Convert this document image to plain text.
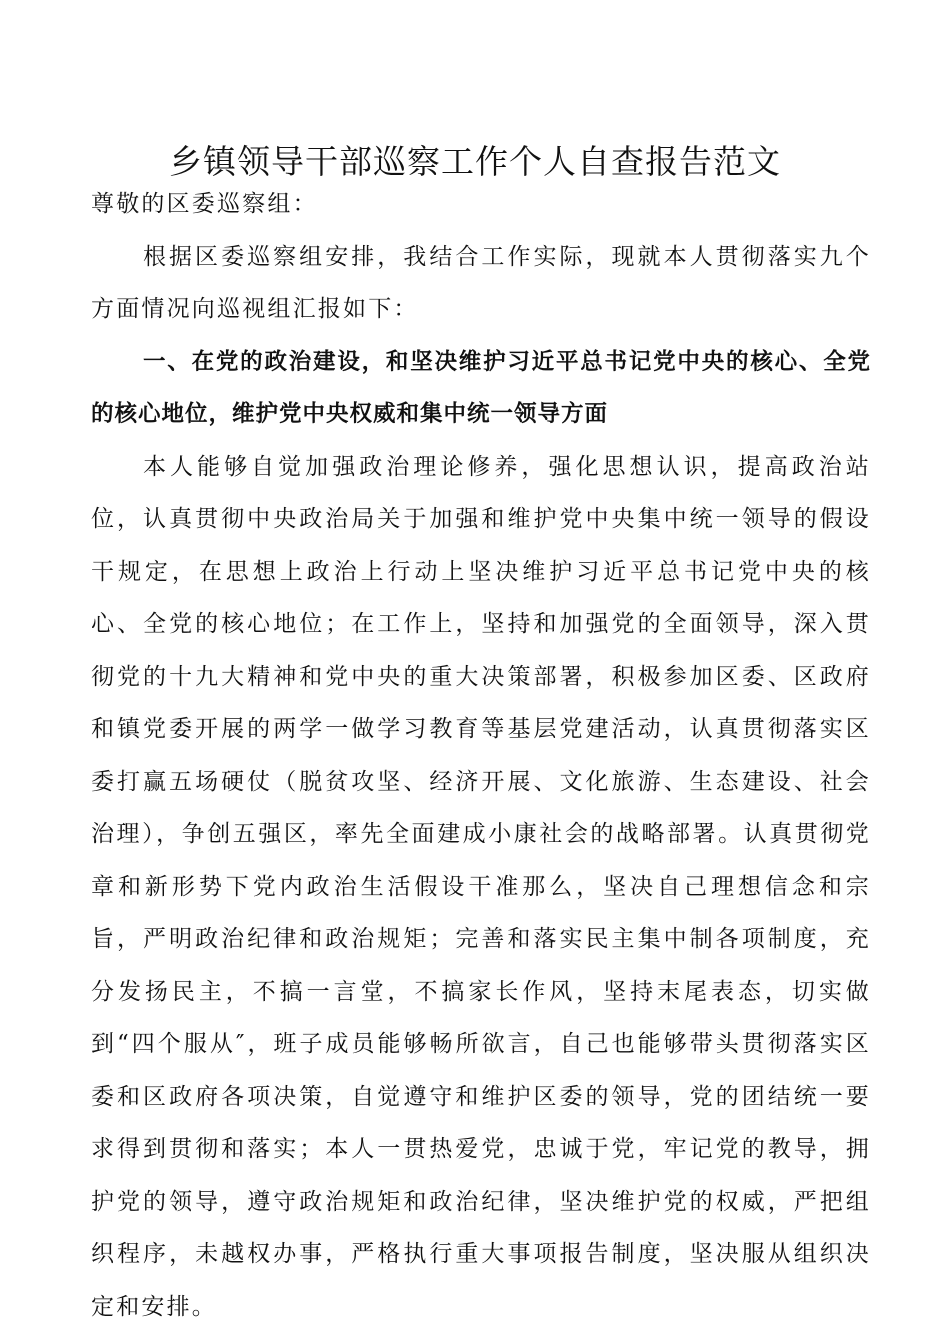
乡镇领导干部巡察工作个人自查报告范文

尊敬的区委巡察组：

根据区委巡察组安排，我结合工作实际，现就本人贯彻落实九个方面情况向巡视组汇报如下：

一、在党的政治建设，和坚决维护习近平总书记党中央的核心、全党的核心地位，维护党中央权威和集中统一领导方面

本人能够自觉加强政治理论修养，强化思想认识，提高政治站位，认真贯彻中央政治局关于加强和维护党中央集中统一领导的假设干规定，在思想上政治上行动上坚决维护习近平总书记党中央的核心、全党的核心地位；在工作上，坚持和加强党的全面领导，深入贯彻党的十九大精神和党中央的重大决策部署，积极参加区委、区政府和镇党委开展的两学一做学习教育等基层党建活动，认真贯彻落实区委打赢五场硬仗（脱贫攻坚、经济开展、文化旅游、生态建设、社会治理），争创五强区，率先全面建成小康社会的战略部署。认真贯彻党章和新形势下党内政治生活假设干准那么，坚决自己理想信念和宗旨，严明政治纪律和政治规矩；完善和落实民主集中制各项制度，充分发扬民主，不搞一言堂，不搞家长作风，坚持末尾表态，切实做到“四个服从″，班子成员能够畅所欲言，自己也能够带头贯彻落实区委和区政府各项决策，自觉遵守和维护区委的领导，党的团结统一要求得到贯彻和落实；本人一贯热爱党，忠诚于党，牢记党的教导，拥护党的领导，遵守政治规矩和政治纪律，坚决维护党的权威，严把组织程序，未越权办事，严格执行重大事项报告制度，坚决服从组织决定和安排。
